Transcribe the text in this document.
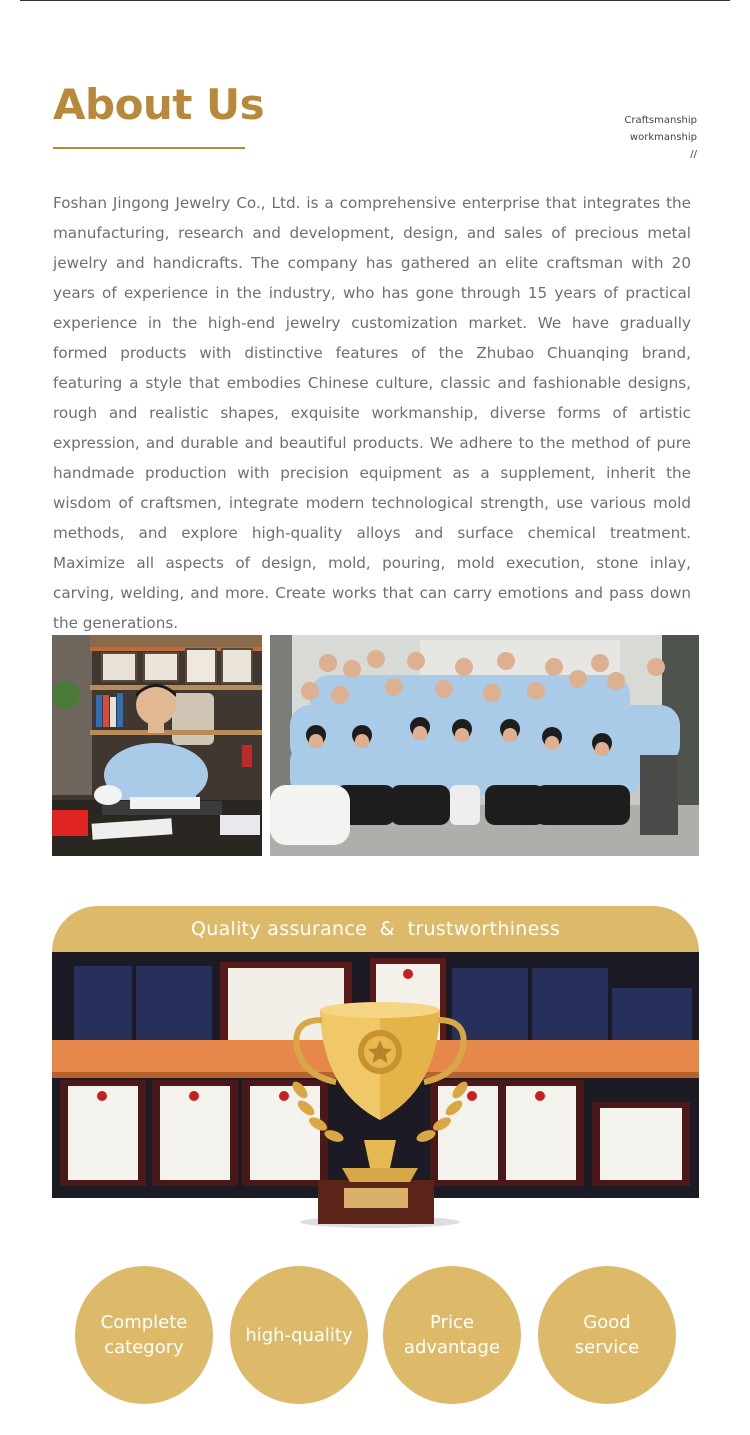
About Us	Craftsmanship
workmanship
//

Foshan Jingong Jewelry Co., Ltd. is a comprehensive enterprise that integrates the manufacturing, research and development, design, and sales of precious metal jewelry and handicrafts. The company has gathered an elite craftsman with 20 years of experience in the industry, who has gone through 15 years of practical experience in the high-end jewelry customization market. We have gradually formed products with distinctive features of the Zhubao Chuanqing brand, featuring a style that embodies Chinese culture, classic and fashionable designs, rough and realistic shapes, exquisite workmanship, diverse forms of artistic expression, and durable and beautiful products. We adhere to the method of pure handmade production with precision equipment as a supplement, inherit the wisdom of craftsmen, integrate modern technological strength, use various mold methods, and explore high-quality alloys and surface chemical treatment. Maximize all aspects of design, mold, pouring, mold execution, stone inlay, carving, welding, and more. Create works that can carry emotions and pass down the generations.

Quality assurance  &  trustworthiness
Complete
category
high-quality
Price
advantage
Good
service
